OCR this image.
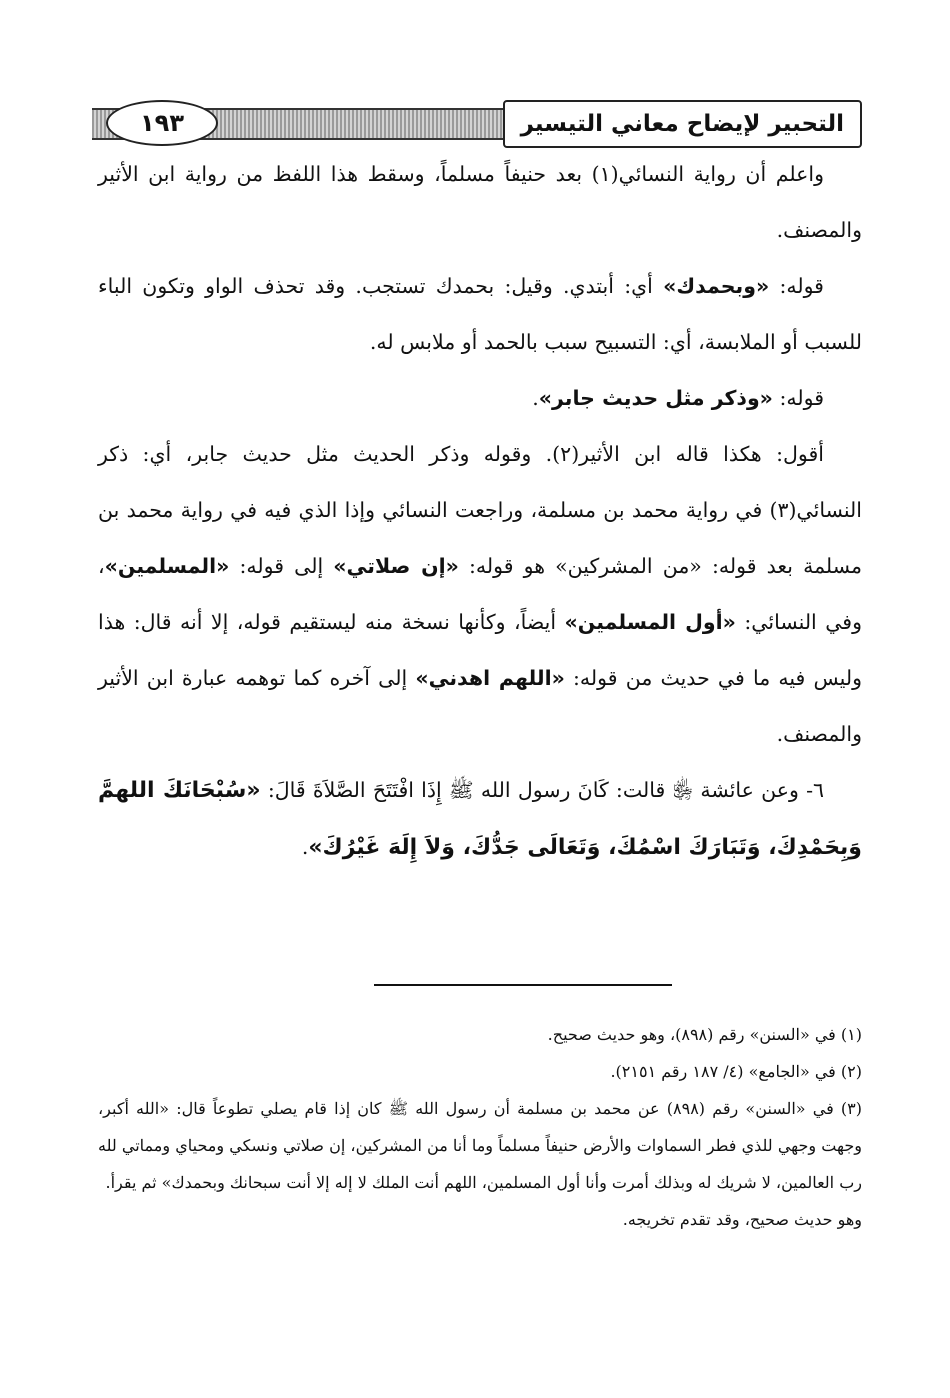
التحبير لإيضاح معاني التيسير
١٩٣

واعلم أن رواية النسائي(١) بعد حنيفاً مسلماً، وسقط هذا اللفظ من رواية ابن الأثير والمصنف.

قوله: «وبحمدك» أي: أبتدي. وقيل: بحمدك تستجب. وقد تحذف الواو وتكون الباء للسبب أو الملابسة، أي: التسبيح سبب بالحمد أو ملابس له.

قوله: «وذكر مثل حديث جابر».

أقول: هكذا قاله ابن الأثير(٢). وقوله وذكر الحديث مثل حديث جابر، أي: ذكر النسائي(٣) في رواية محمد بن مسلمة، وراجعت النسائي وإذا الذي فيه في رواية محمد بن مسلمة بعد قوله: «من المشركين» هو قوله: «إن صلاتي» إلى قوله: «المسلمين»، وفي النسائي: «أول المسلمين» أيضاً، وكأنها نسخة منه ليستقيم قوله، إلا أنه قال: هذا وليس فيه ما في حديث من قوله: «اللهم اهدني» إلى آخره كما توهمه عبارة ابن الأثير والمصنف.

٦- وعن عائشة ﵂ قالت: كَانَ رسول الله ﷺ إِذَا افْتَتَحَ الصَّلاَةَ قَالَ: «سُبْحَانَكَ اللهمَّ وَبِحَمْدِكَ، وَتَبَارَكَ اسْمُكَ، وَتَعَالَى جَدُّكَ، وَلاَ إِلَهَ غَيْرُكَ».

(١) في «السنن» رقم (٨٩٨)، وهو حديث صحيح.

(٢) في «الجامع» (٤/ ١٨٧ رقم ٢١٥١).

(٣) في «السنن» رقم (٨٩٨) عن محمد بن مسلمة أن رسول الله ﷺ كان إذا قام يصلي تطوعاً قال: «الله أكبر، وجهت وجهي للذي فطر السماوات والأرض حنيفاً مسلماً وما أنا من المشركين، إن صلاتي ونسكي ومحياي ومماتي لله رب العالمين، لا شريك له وبذلك أمرت وأنا أول المسلمين، اللهم أنت الملك لا إله إلا أنت سبحانك وبحمدك» ثم يقرأ.

وهو حديث صحيح، وقد تقدم تخريجه.
